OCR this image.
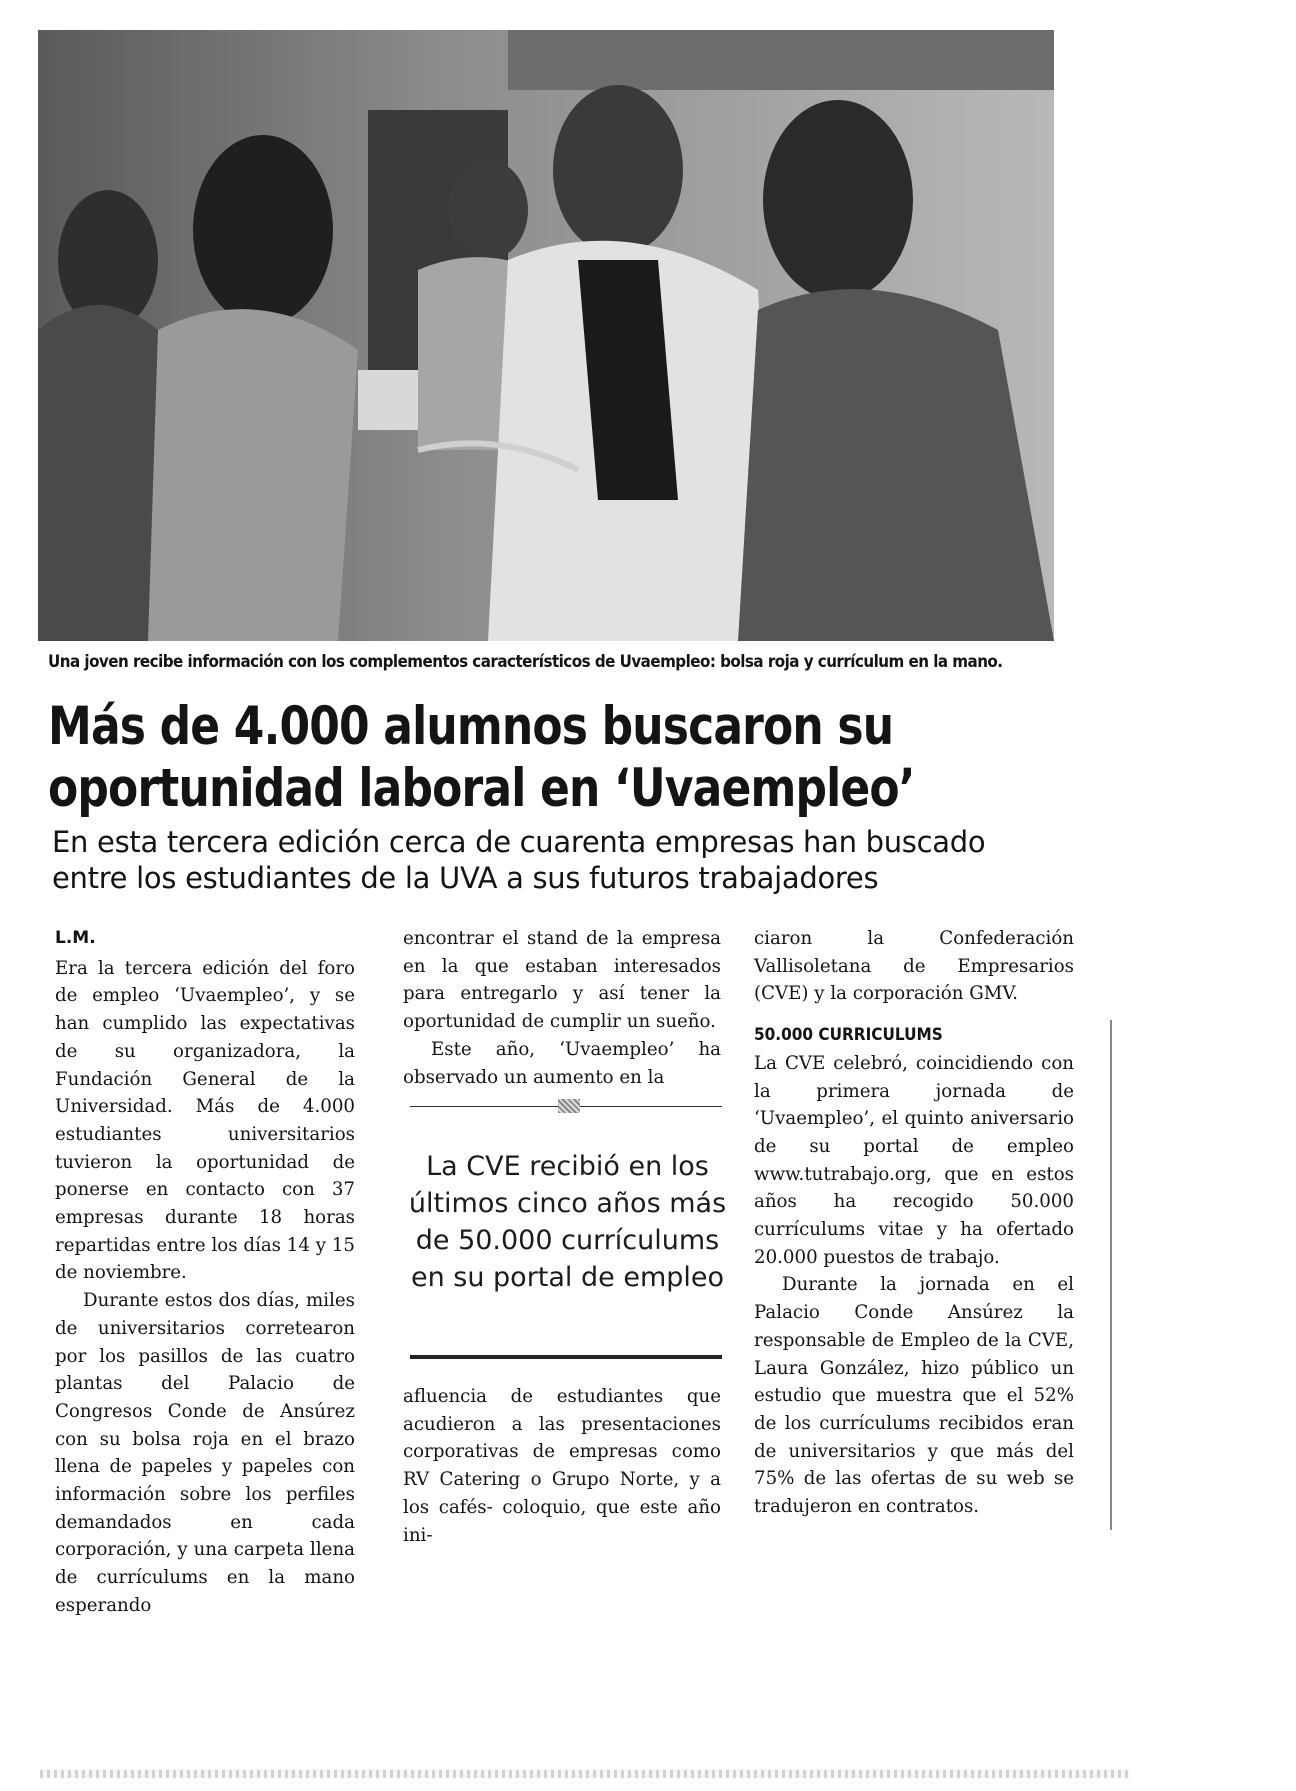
Una joven recibe información con los complementos característicos de Uvaempleo: bolsa roja y currículum en la mano.
Más de 4.000 alumnos buscaron su
oportunidad laboral en ‘Uvaempleo’
En esta tercera edición cerca de cuarenta empresas han buscado entre los estudiantes de la UVA a sus futuros trabajadores
L.M.

Era la tercera edición del foro de empleo ‘Uvaempleo’, y se han cumplido las expectativas de su organizadora, la Fundación General de la Universidad. Más de 4.000 estudiantes universitarios tuvieron la oportunidad de ponerse en contacto con 37 empresas durante 18 horas repartidas entre los días 14 y 15 de noviembre.

Durante estos dos días, miles de universitarios corretearon por los pasillos de las cuatro plantas del Palacio de Congresos Conde de Ansúrez con su bolsa roja en el brazo llena de papeles y papeles con información sobre los perfiles demandados en cada corporación, y una carpeta llena de currículums en la mano esperando

encontrar el stand de la empresa en la que estaban interesados para entregarlo y así tener la oportunidad de cumplir un sueño.

Este año, ‘Uvaempleo’ ha observado un aumento en la

La CVE recibió en los últimos cinco años más de 50.000 currículums en su portal de empleo

afluencia de estudiantes que acudieron a las presentaciones corporativas de empresas como RV Catering o Grupo Norte, y a los cafés- coloquio, que este año ini-

ciaron la Confederación Vallisoletana de Empresarios (CVE) y la corporación GMV.

50.000 CURRICULUMS

La CVE celebró, coincidiendo con la primera jornada de ‘Uvaempleo’, el quinto aniversario de su portal de empleo www.tutrabajo.org, que en estos años ha recogido 50.000 currículums vitae y ha ofertado 20.000 puestos de trabajo.

Durante la jornada en el Palacio Conde Ansúrez la responsable de Empleo de la CVE, Laura González, hizo público un estudio que muestra que el 52% de los currículums recibidos eran de universitarios y que más del 75% de las ofertas de su web se tradujeron en contratos.
